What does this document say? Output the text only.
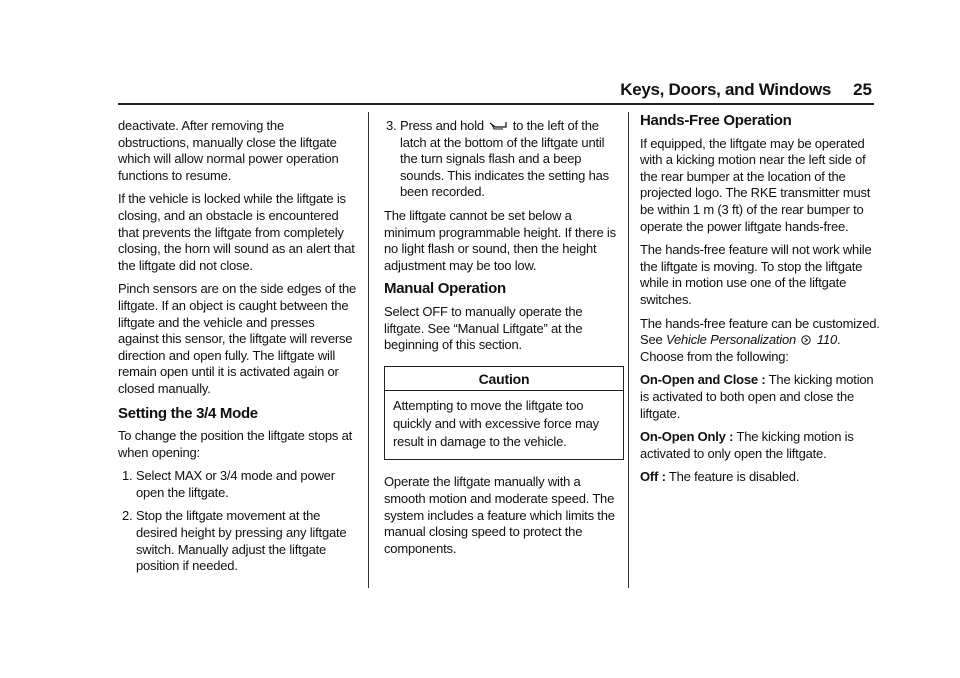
Keys, Doors, and Windows 25

deactivate. After removing the obstructions, manually close the liftgate which will allow normal power operation functions to resume.

If the vehicle is locked while the liftgate is closing, and an obstacle is encountered that prevents the liftgate from completely closing, the horn will sound as an alert that the liftgate did not close.

Pinch sensors are on the side edges of the liftgate. If an object is caught between the liftgate and the vehicle and presses against this sensor, the liftgate will reverse direction and open fully. The liftgate will remain open until it is activated again or closed manually.

Setting the 3/4 Mode

To change the position the liftgate stops at when opening:

1. Select MAX or 3/4 mode and power open the liftgate.
2. Stop the liftgate movement at the desired height by pressing any liftgate switch. Manually adjust the liftgate position if needed.
3. Press and hold to the left of the latch at the bottom of the liftgate until the turn signals flash and a beep sounds. This indicates the setting has been recorded.

The liftgate cannot be set below a minimum programmable height. If there is no light flash or sound, then the height adjustment may be too low.

Manual Operation

Select OFF to manually operate the liftgate. See “Manual Liftgate” at the beginning of this section.

Caution
Attempting to move the liftgate too quickly and with excessive force may result in damage to the vehicle.

Operate the liftgate manually with a smooth motion and moderate speed. The system includes a feature which limits the manual closing speed to protect the components.

Hands-Free Operation

If equipped, the liftgate may be operated with a kicking motion near the left side of the rear bumper at the location of the projected logo. The RKE transmitter must be within 1 m (3 ft) of the rear bumper to operate the power liftgate hands-free.

The hands-free feature will not work while the liftgate is moving. To stop the liftgate while in motion use one of the liftgate switches.

The hands-free feature can be customized. See Vehicle Personalization 110. Choose from the following:

On-Open and Close : The kicking motion is activated to both open and close the liftgate.

On-Open Only : The kicking motion is activated to only open the liftgate.

Off : The feature is disabled.
